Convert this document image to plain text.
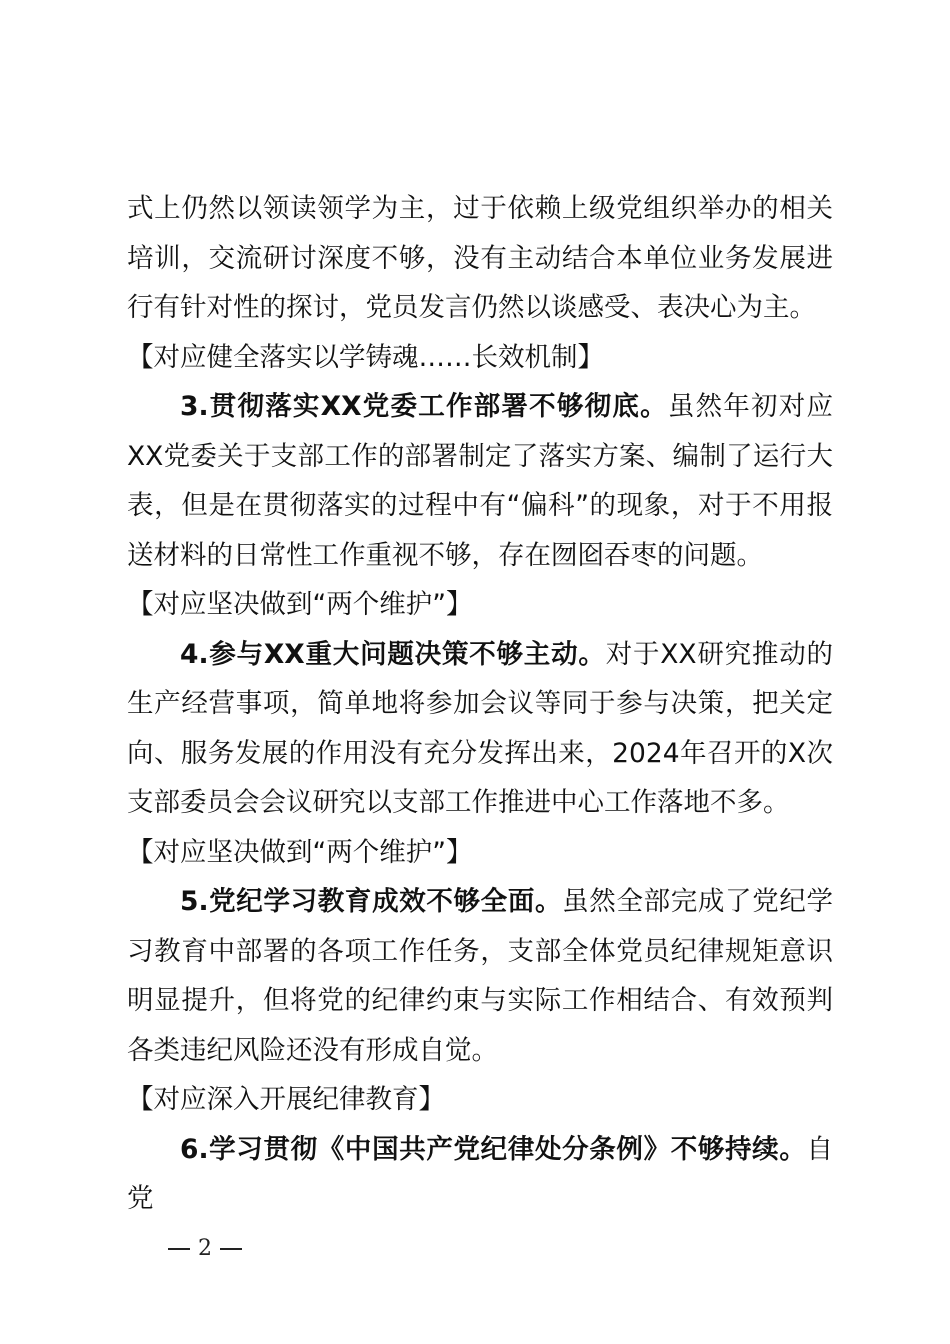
式上仍然以领读领学为主，过于依赖上级党组织举办的相关培训，交流研讨深度不够，没有主动结合本单位业务发展进行有针对性的探讨，党员发言仍然以谈感受、表决心为主。

【对应健全落实以学铸魂……长效机制】

3.贯彻落实XX党委工作部署不够彻底。虽然年初对应XX党委关于支部工作的部署制定了落实方案、编制了运行大表，但是在贯彻落实的过程中有“偏科”的现象，对于不用报送材料的日常性工作重视不够，存在囫囵吞枣的问题。

【对应坚决做到“两个维护”】

4.参与XX重大问题决策不够主动。对于XX研究推动的生产经营事项，简单地将参加会议等同于参与决策，把关定向、服务发展的作用没有充分发挥出来，2024年召开的X次支部委员会会议研究以支部工作推进中心工作落地不多。

【对应坚决做到“两个维护”】

5.党纪学习教育成效不够全面。虽然全部完成了党纪学习教育中部署的各项工作任务，支部全体党员纪律规矩意识明显提升，但将党的纪律约束与实际工作相结合、有效预判各类违纪风险还没有形成自觉。

【对应深入开展纪律教育】

6.学习贯彻《中国共产党纪律处分条例》不够持续。自党

2
